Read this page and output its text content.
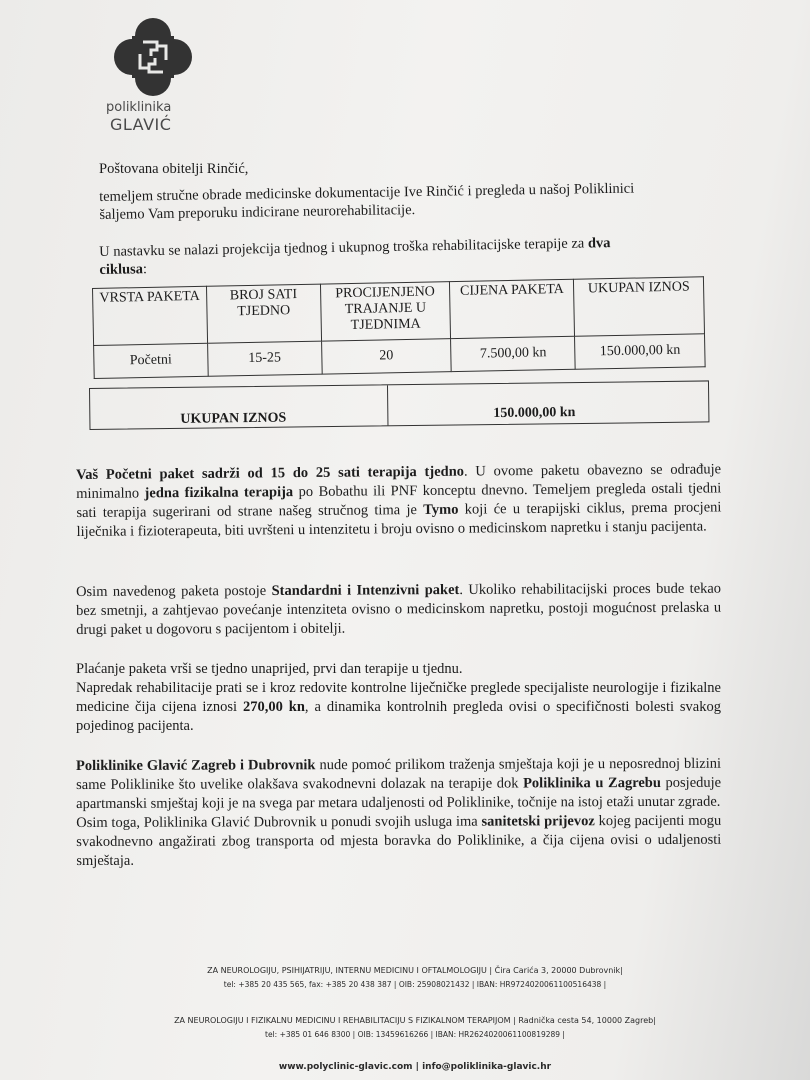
poliklinika
GLAVIĆ
Poštovana obitelji Rinčić,
temeljem stručne obrade medicinske dokumentacije Ive Rinčić i pregleda u našoj Poliklinici
šaljemo Vam preporuku indicirane neurorehabilitacije.
U nastavku se nalazi projekcija tjednog i ukupnog troška rehabilitacijske terapije za dva
ciklusa:
VRSTA PAKETA	BROJ SATI TJEDNO	PROCIJENJENO TRAJANJE U TJEDNIMA	CIJENA PAKETA	UKUPAN IZNOS
Početni	15-25	20	7.500,00 kn	150.000,00 kn
UKUPAN IZNOS	150.000,00 kn

Vaš Početni paket sadrži od 15 do 25 sati terapija tjedno. U ovome paketu obavezno se odrađuje minimalno jedna fizikalna terapija po Bobathu ili PNF konceptu dnevno. Temeljem pregleda ostali tjedni sati terapija sugerirani od strane našeg stručnog tima je Tymo koji će u terapijski ciklus, prema procjeni liječnika i fizioterapeuta, biti uvršteni u intenzitetu i broju ovisno o medicinskom napretku i stanju pacijenta.

Osim navedenog paketa postoje Standardni i Intenzivni paket. Ukoliko rehabilitacijski proces bude tekao bez smetnji, a zahtjevao povećanje intenziteta ovisno o medicinskom napretku, postoji mogućnost prelaska u drugi paket u dogovoru s pacijentom i obitelji.

Plaćanje paketa vrši se tjedno unaprijed, prvi dan terapije u tjednu.

Napredak rehabilitacije prati se i kroz redovite kontrolne liječničke preglede specijaliste neurologije i fizikalne medicine čija cijena iznosi 270,00 kn, a dinamika kontrolnih pregleda ovisi o specifičnosti bolesti svakog pojedinog pacijenta.

Poliklinike Glavić Zagreb i Dubrovnik nude pomoć prilikom traženja smještaja koji je u neposrednoj blizini same Poliklinike što uvelike olakšava svakodnevni dolazak na terapije dok Poliklinika u Zagrebu posjeduje apartmanski smještaj koji je na svega par metara udaljenosti od Poliklinike, točnije na istoj etaži unutar zgrade.

Osim toga, Poliklinika Glavić Dubrovnik u ponudi svojih usluga ima sanitetski prijevoz kojeg pacijenti mogu svakodnevno angažirati zbog transporta od mjesta boravka do Poliklinike, a čija cijena ovisi o udaljenosti smještaja.

ZA NEUROLOGIJU, PSIHIJATRIJU, INTERNU MEDICINU I OFTALMOLOGIJU | Čira Carića 3, 20000 Dubrovnik|
tel: +385 20 435 565, fax: +385 20 438 387 | OIB: 25908021432 | IBAN: HR9724020061100516438 |
ZA NEUROLOGIJU I FIZIKALNU MEDICINU I REHABILITACIJU S FIZIKALNOM TERAPIJOM | Radnička cesta 54, 10000 Zagreb|
tel: +385 01 646 8300 | OIB: 13459616266 | IBAN: HR2624020061100819289 |
www.polyclinic-glavic.com | info@poliklinika-glavic.hr
